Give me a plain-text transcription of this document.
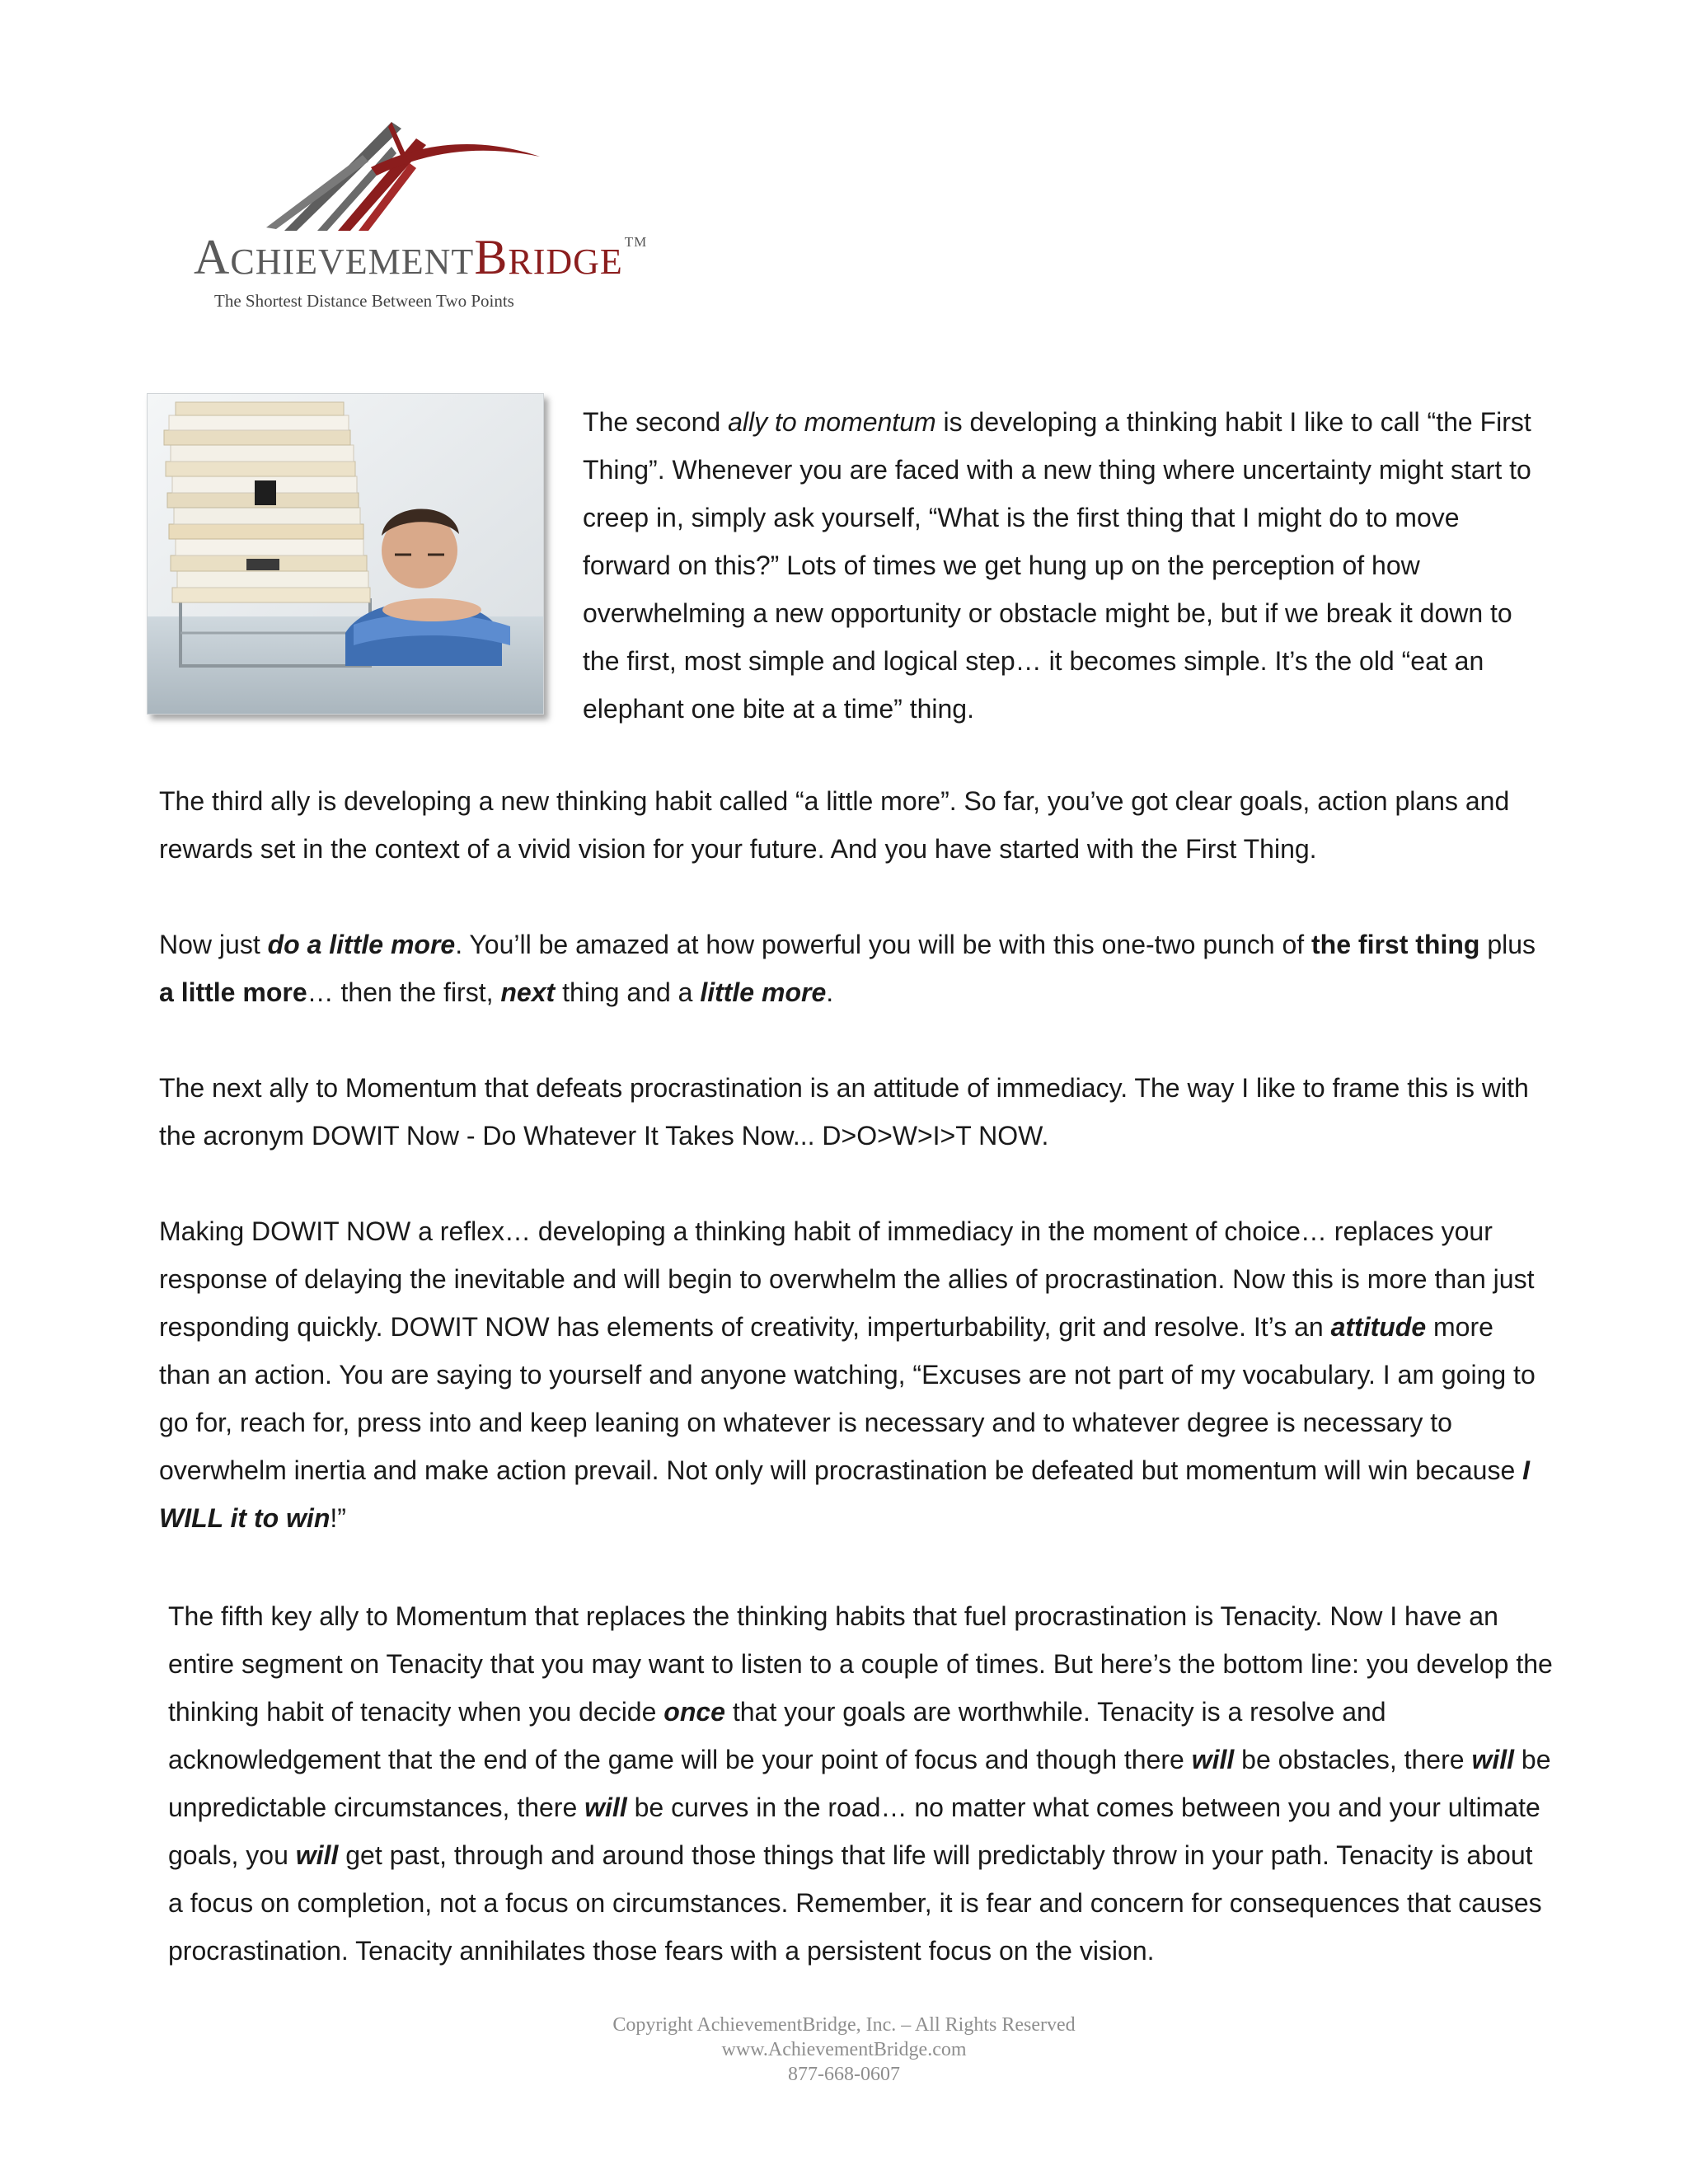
ACHIEVEMENTBRIDGE TM
The Shortest Distance Between Two Points

The second ally to momentum is developing a thinking habit I like to call “the First Thing”. Whenever you are faced with a new thing where uncertainty might start to creep in, simply ask yourself, “What is the first thing that I might do to move forward on this?” Lots of times we get hung up on the perception of how overwhelming a new opportunity or obstacle might be, but if we break it down to the first, most simple and logical step… it becomes simple. It’s the old “eat an elephant one bite at a time” thing.

The third ally is developing a new thinking habit called “a little more”. So far, you’ve got clear goals, action plans and rewards set in the context of a vivid vision for your future. And you have started with the First Thing.

Now just do a little more. You’ll be amazed at how powerful you will be with this one-two punch of the first thing plus a little more… then the first, next thing and a little more.

The next ally to Momentum that defeats procrastination is an attitude of immediacy. The way I like to frame this is with the acronym DOWIT Now - Do Whatever It Takes Now... D>O>W>I>T NOW.

Making DOWIT NOW a reflex… developing a thinking habit of immediacy in the moment of choice… replaces your response of delaying the inevitable and will begin to overwhelm the allies of procrastination. Now this is more than just responding quickly. DOWIT NOW has elements of creativity, imperturbability, grit and resolve. It’s an attitude more than an action. You are saying to yourself and anyone watching, “Excuses are not part of my vocabulary. I am going to go for, reach for, press into and keep leaning on whatever is necessary and to whatever degree is necessary to overwhelm inertia and make action prevail. Not only will procrastination be defeated but momentum will win because I WILL it to win!”

The fifth key ally to Momentum that replaces the thinking habits that fuel procrastination is Tenacity. Now I have an entire segment on Tenacity that you may want to listen to a couple of times. But here’s the bottom line: you develop the thinking habit of tenacity when you decide once that your goals are worthwhile. Tenacity is a resolve and acknowledgement that the end of the game will be your point of focus and though there will be obstacles, there will be unpredictable circumstances, there will be curves in the road… no matter what comes between you and your ultimate goals, you will get past, through and around those things that life will predictably throw in your path. Tenacity is about a focus on completion, not a focus on circumstances. Remember, it is fear and concern for consequences that causes procrastination. Tenacity annihilates those fears with a persistent focus on the vision.

Copyright AchievementBridge, Inc. – All Rights Reserved
www.AchievementBridge.com
877-668-0607
